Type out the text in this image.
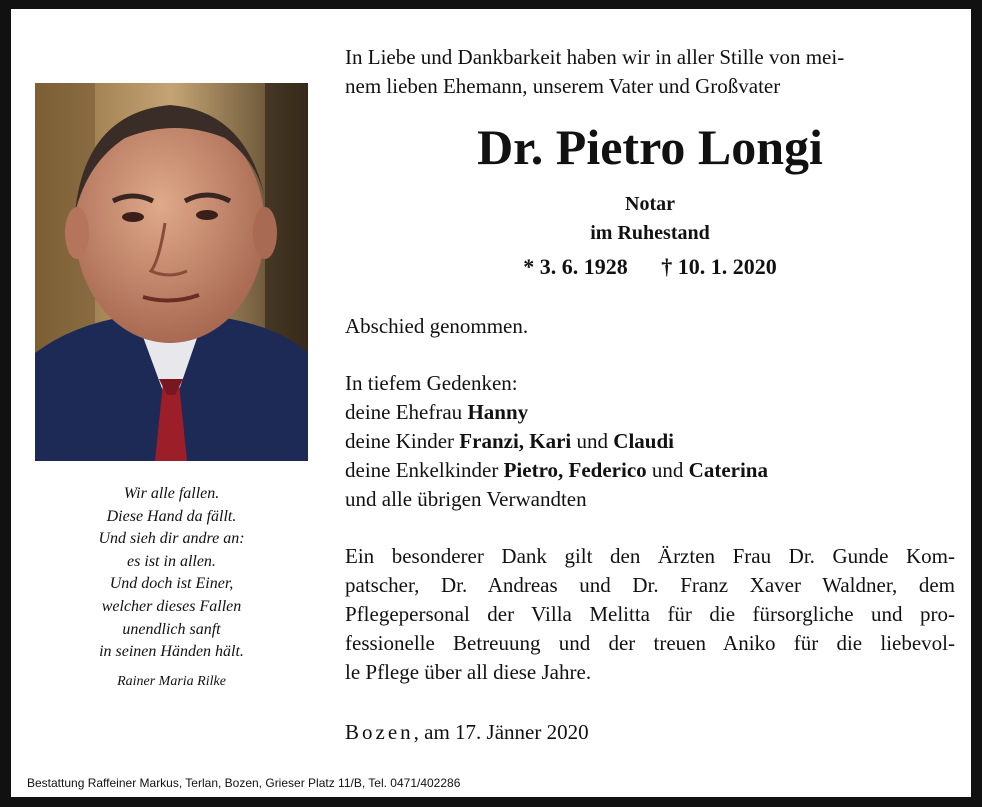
Wir alle fallen.
Diese Hand da fällt.
Und sieh dir andre an:
es ist in allen.
Und doch ist Einer,
welcher dieses Fallen
unendlich sanft
in seinen Händen hält.
Rainer Maria Rilke
In Liebe und Dankbarkeit haben wir in aller Stille von mei-
nem lieben Ehemann, unserem Vater und Großvater
Dr. Pietro Longi
Notar
im Ruhestand
* 3. 6. 1928 † 10. 1. 2020
Abschied genommen.
In tiefem Gedenken:
deine Ehefrau Hanny
deine Kinder Franzi, Kari und Claudi
deine Enkelkinder Pietro, Federico und Caterina
und alle übrigen Verwandten
Ein besonderer Dank gilt den Ärzten Frau Dr. Gunde Kom-
patscher, Dr. Andreas und Dr. Franz Xaver Waldner, dem
Pflegepersonal der Villa Melitta für die fürsorgliche und pro-
fessionelle Betreuung und der treuen Aniko für die liebevol-
le Pflege über all diese Jahre.
Bozen, am 17. Jänner 2020
Bestattung Raffeiner Markus, Terlan, Bozen, Grieser Platz 11/B, Tel. 0471/402286
